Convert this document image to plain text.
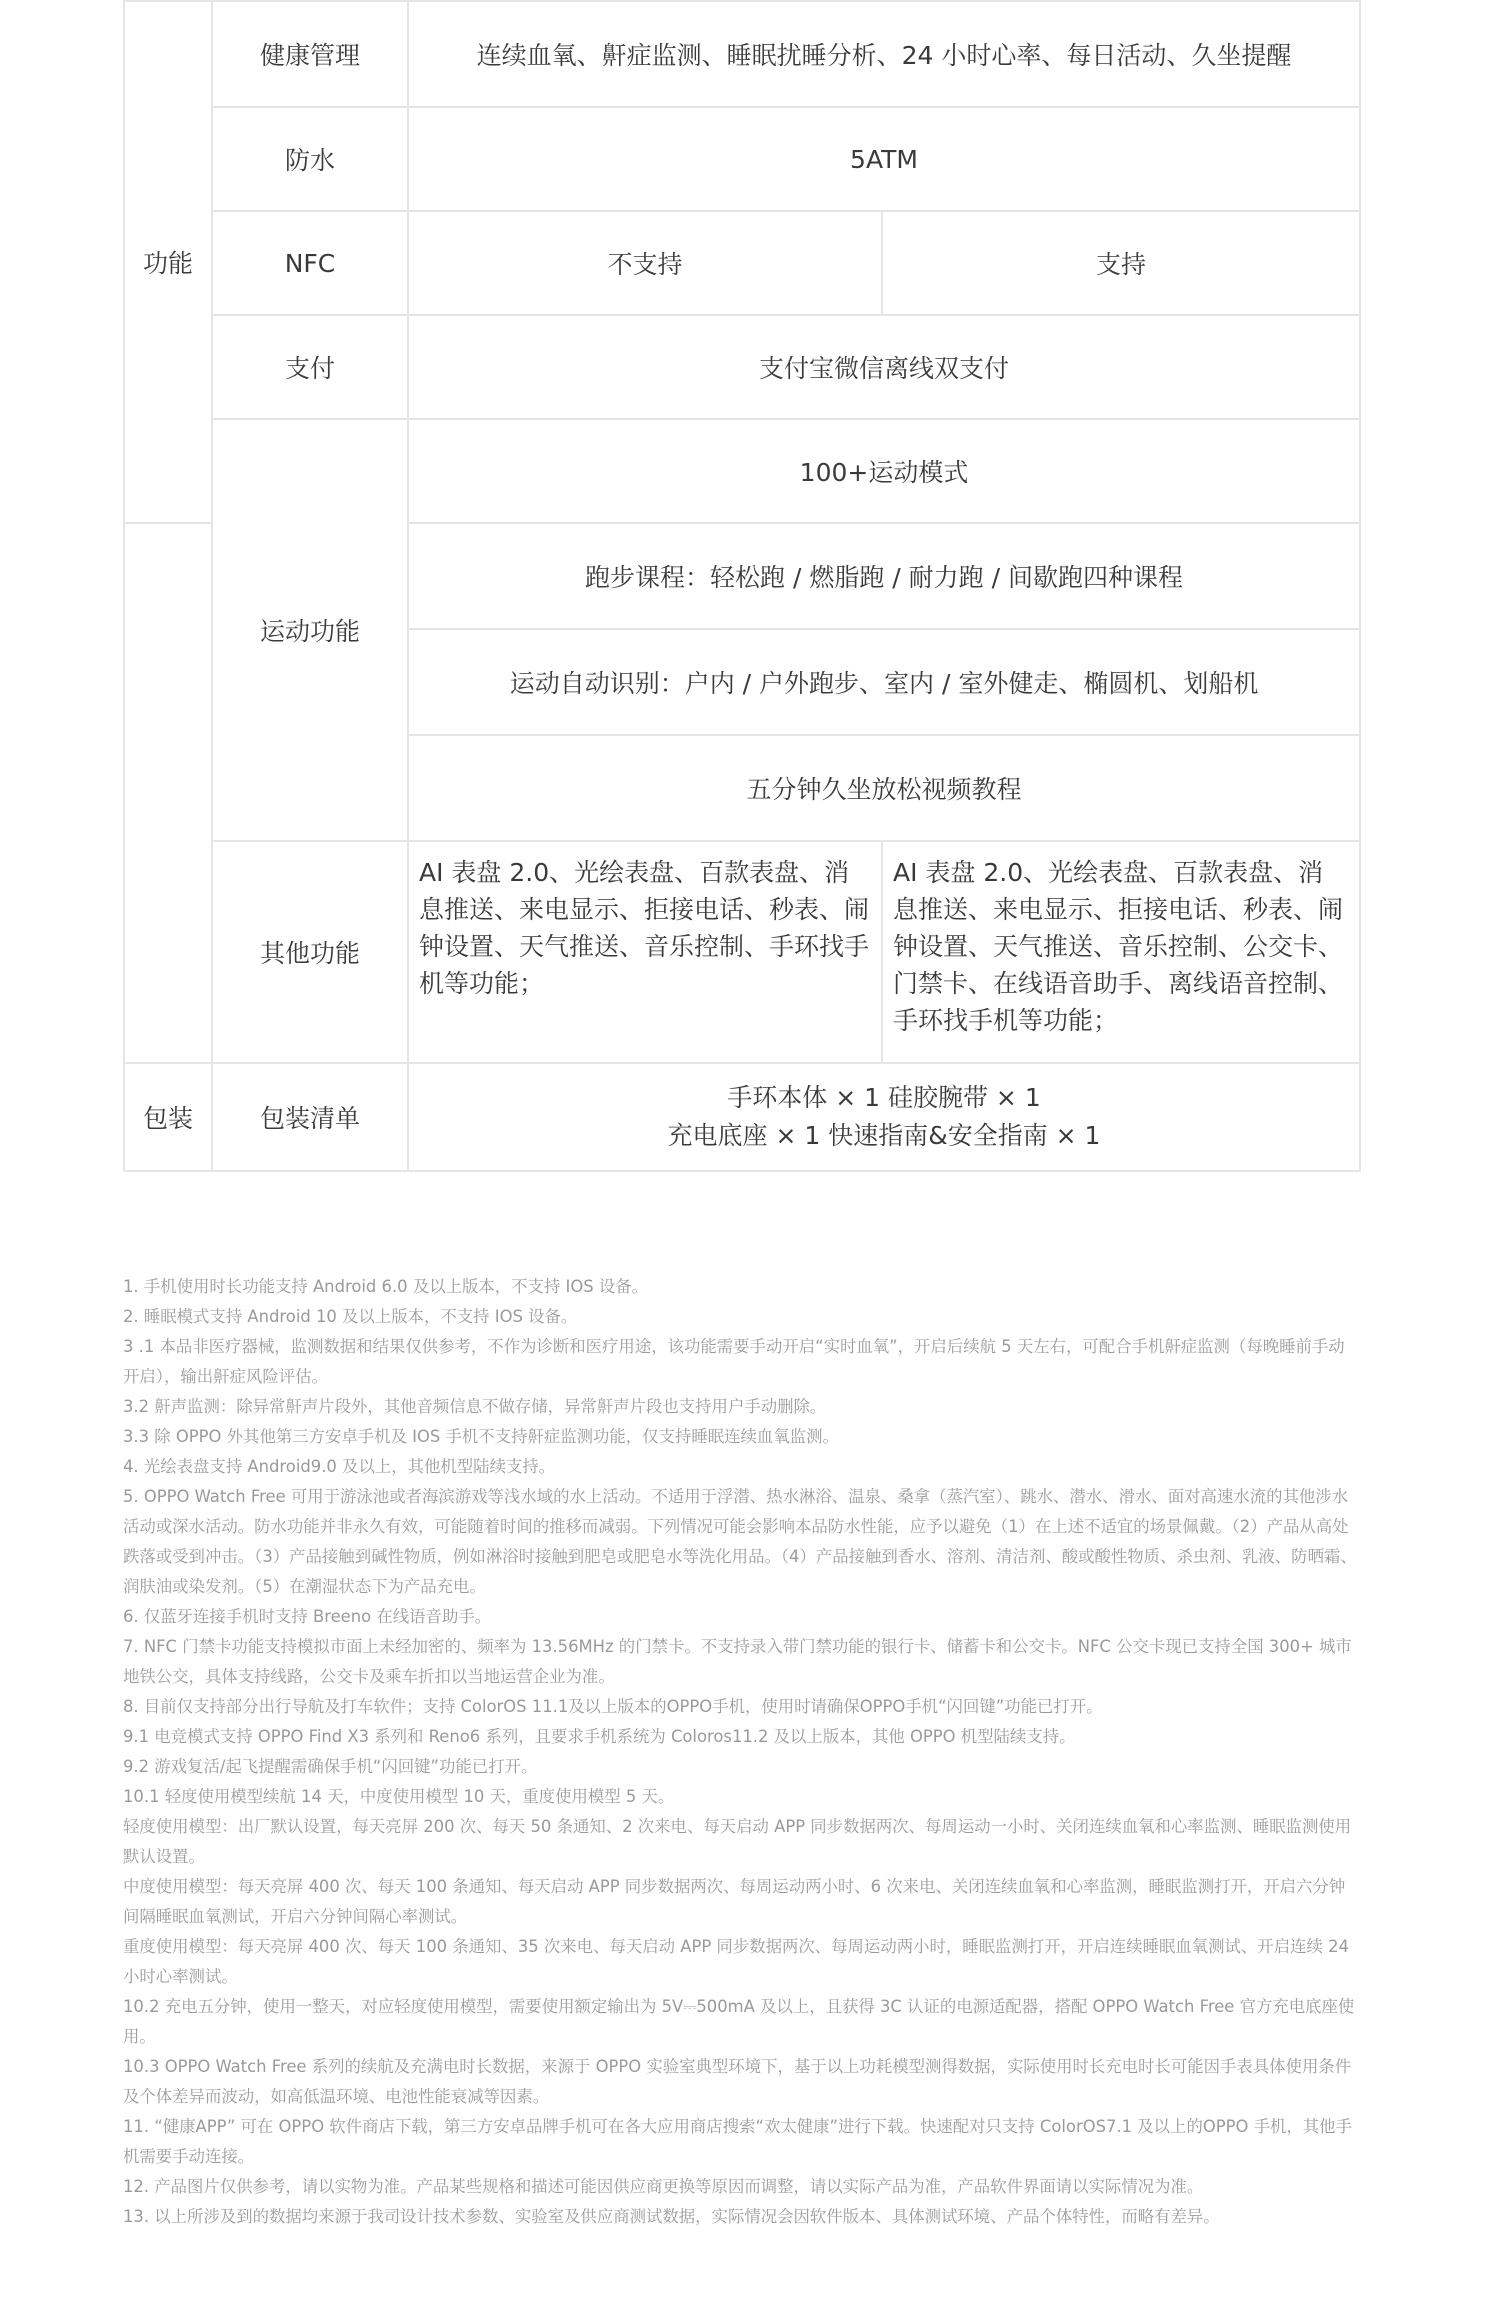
功能	健康管理	连续血氧、鼾症监测、睡眠扰睡分析、24 小时心率、每日活动、久坐提醒	
	防水	5ATM	
	NFC	不支持	支持
	支付	支付宝微信离线双支付	
	运动功能	100+运动模式	
		跑步课程：轻松跑 / 燃脂跑 / 耐力跑 / 间歇跑四种课程	
		运动自动识别：户内 / 户外跑步、室内 / 室外健走、椭圆机、划船机	
		五分钟久坐放松视频教程	
	其他功能	AI 表盘 2.0、光绘表盘、百款表盘、消息推送、来电显示、拒接电话、秒表、闹钟设置、天气推送、音乐控制、手环找手机等功能；	AI 表盘 2.0、光绘表盘、百款表盘、消息推送、来电显示、拒接电话、秒表、闹钟设置、天气推送、音乐控制、公交卡、门禁卡、在线语音助手、离线语音控制、手环找手机等功能；
包装	包装清单	手环本体 × 1 硅胶腕带 × 1
充电底座 × 1 快速指南&安全指南 × 1	

1. 手机使用时长功能支持 Android 6.0 及以上版本，不支持 IOS 设备。

2. 睡眠模式支持 Android 10 及以上版本，不支持 IOS 设备。

3 .1 本品非医疗器械，监测数据和结果仅供参考，不作为诊断和医疗用途，该功能需要手动开启“实时血氧”，开启后续航 5 天左右，可配合手机鼾症监测（每晚睡前手动开启），输出鼾症风险评估。

3.2 鼾声监测：除异常鼾声片段外，其他音频信息不做存储，异常鼾声片段也支持用户手动删除。

3.3 除 OPPO 外其他第三方安卓手机及 IOS 手机不支持鼾症监测功能，仅支持睡眠连续血氧监测。

4. 光绘表盘支持 Android9.0 及以上，其他机型陆续支持。

5. OPPO Watch Free 可用于游泳池或者海滨游戏等浅水域的水上活动。不适用于浮潜、热水淋浴、温泉、桑拿（蒸汽室）、跳水、潜水、滑水、面对高速水流的其他涉水活动或深水活动。防水功能并非永久有效，可能随着时间的推移而减弱。下列情况可能会影响本品防水性能，应予以避免（1）在上述不适宜的场景佩戴。（2）产品从高处跌落或受到冲击。（3）产品接触到碱性物质，例如淋浴时接触到肥皂或肥皂水等洗化用品。（4）产品接触到香水、溶剂、清洁剂、酸或酸性物质、杀虫剂、乳液、防晒霜、润肤油或染发剂。（5）在潮湿状态下为产品充电。

6. 仅蓝牙连接手机时支持 Breeno 在线语音助手。

7. NFC 门禁卡功能支持模拟市面上未经加密的、频率为 13.56MHz 的门禁卡。不支持录入带门禁功能的银行卡、储蓄卡和公交卡。NFC 公交卡现已支持全国 300+ 城市地铁公交，具体支持线路，公交卡及乘车折扣以当地运营企业为准。

8. 目前仅支持部分出行导航及打车软件；支持 ColorOS 11.1及以上版本的OPPO手机，使用时请确保OPPO手机“闪回键”功能已打开。

9.1 电竞模式支持 OPPO Find X3 系列和 Reno6 系列，且要求手机系统为 Coloros11.2 及以上版本，其他 OPPO 机型陆续支持。

9.2 游戏复活/起飞提醒需确保手机“闪回键”功能已打开。

10.1 轻度使用模型续航 14 天，中度使用模型 10 天，重度使用模型 5 天。

轻度使用模型：出厂默认设置，每天亮屏 200 次、每天 50 条通知、2 次来电、每天启动 APP 同步数据两次、每周运动一小时、关闭连续血氧和心率监测、睡眠监测使用默认设置。

中度使用模型：每天亮屏 400 次、每天 100 条通知、每天启动 APP 同步数据两次、每周运动两小时、6 次来电、关闭连续血氧和心率监测，睡眠监测打开，开启六分钟间隔睡眠血氧测试，开启六分钟间隔心率测试。

重度使用模型：每天亮屏 400 次、每天 100 条通知、35 次来电、每天启动 APP 同步数据两次、每周运动两小时，睡眠监测打开，开启连续睡眠血氧测试、开启连续 24 小时心率测试。

10.2 充电五分钟，使用一整天，对应轻度使用模型，需要使用额定输出为 5V⎓500mA 及以上，且获得 3C 认证的电源适配器，搭配 OPPO Watch Free 官方充电底座使用。

10.3 OPPO Watch Free 系列的续航及充满电时长数据，来源于 OPPO 实验室典型环境下，基于以上功耗模型测得数据，实际使用时长充电时长可能因手表具体使用条件及个体差异而波动，如高低温环境、电池性能衰减等因素。

11. “健康APP” 可在 OPPO 软件商店下载，第三方安卓品牌手机可在各大应用商店搜索“欢太健康”进行下载。快速配对只支持 ColorOS7.1 及以上的OPPO 手机，其他手机需要手动连接。

12. 产品图片仅供参考，请以实物为准。产品某些规格和描述可能因供应商更换等原因而调整，请以实际产品为准，产品软件界面请以实际情况为准。

13. 以上所涉及到的数据均来源于我司设计技术参数、实验室及供应商测试数据，实际情况会因软件版本、具体测试环境、产品个体特性，而略有差异。
